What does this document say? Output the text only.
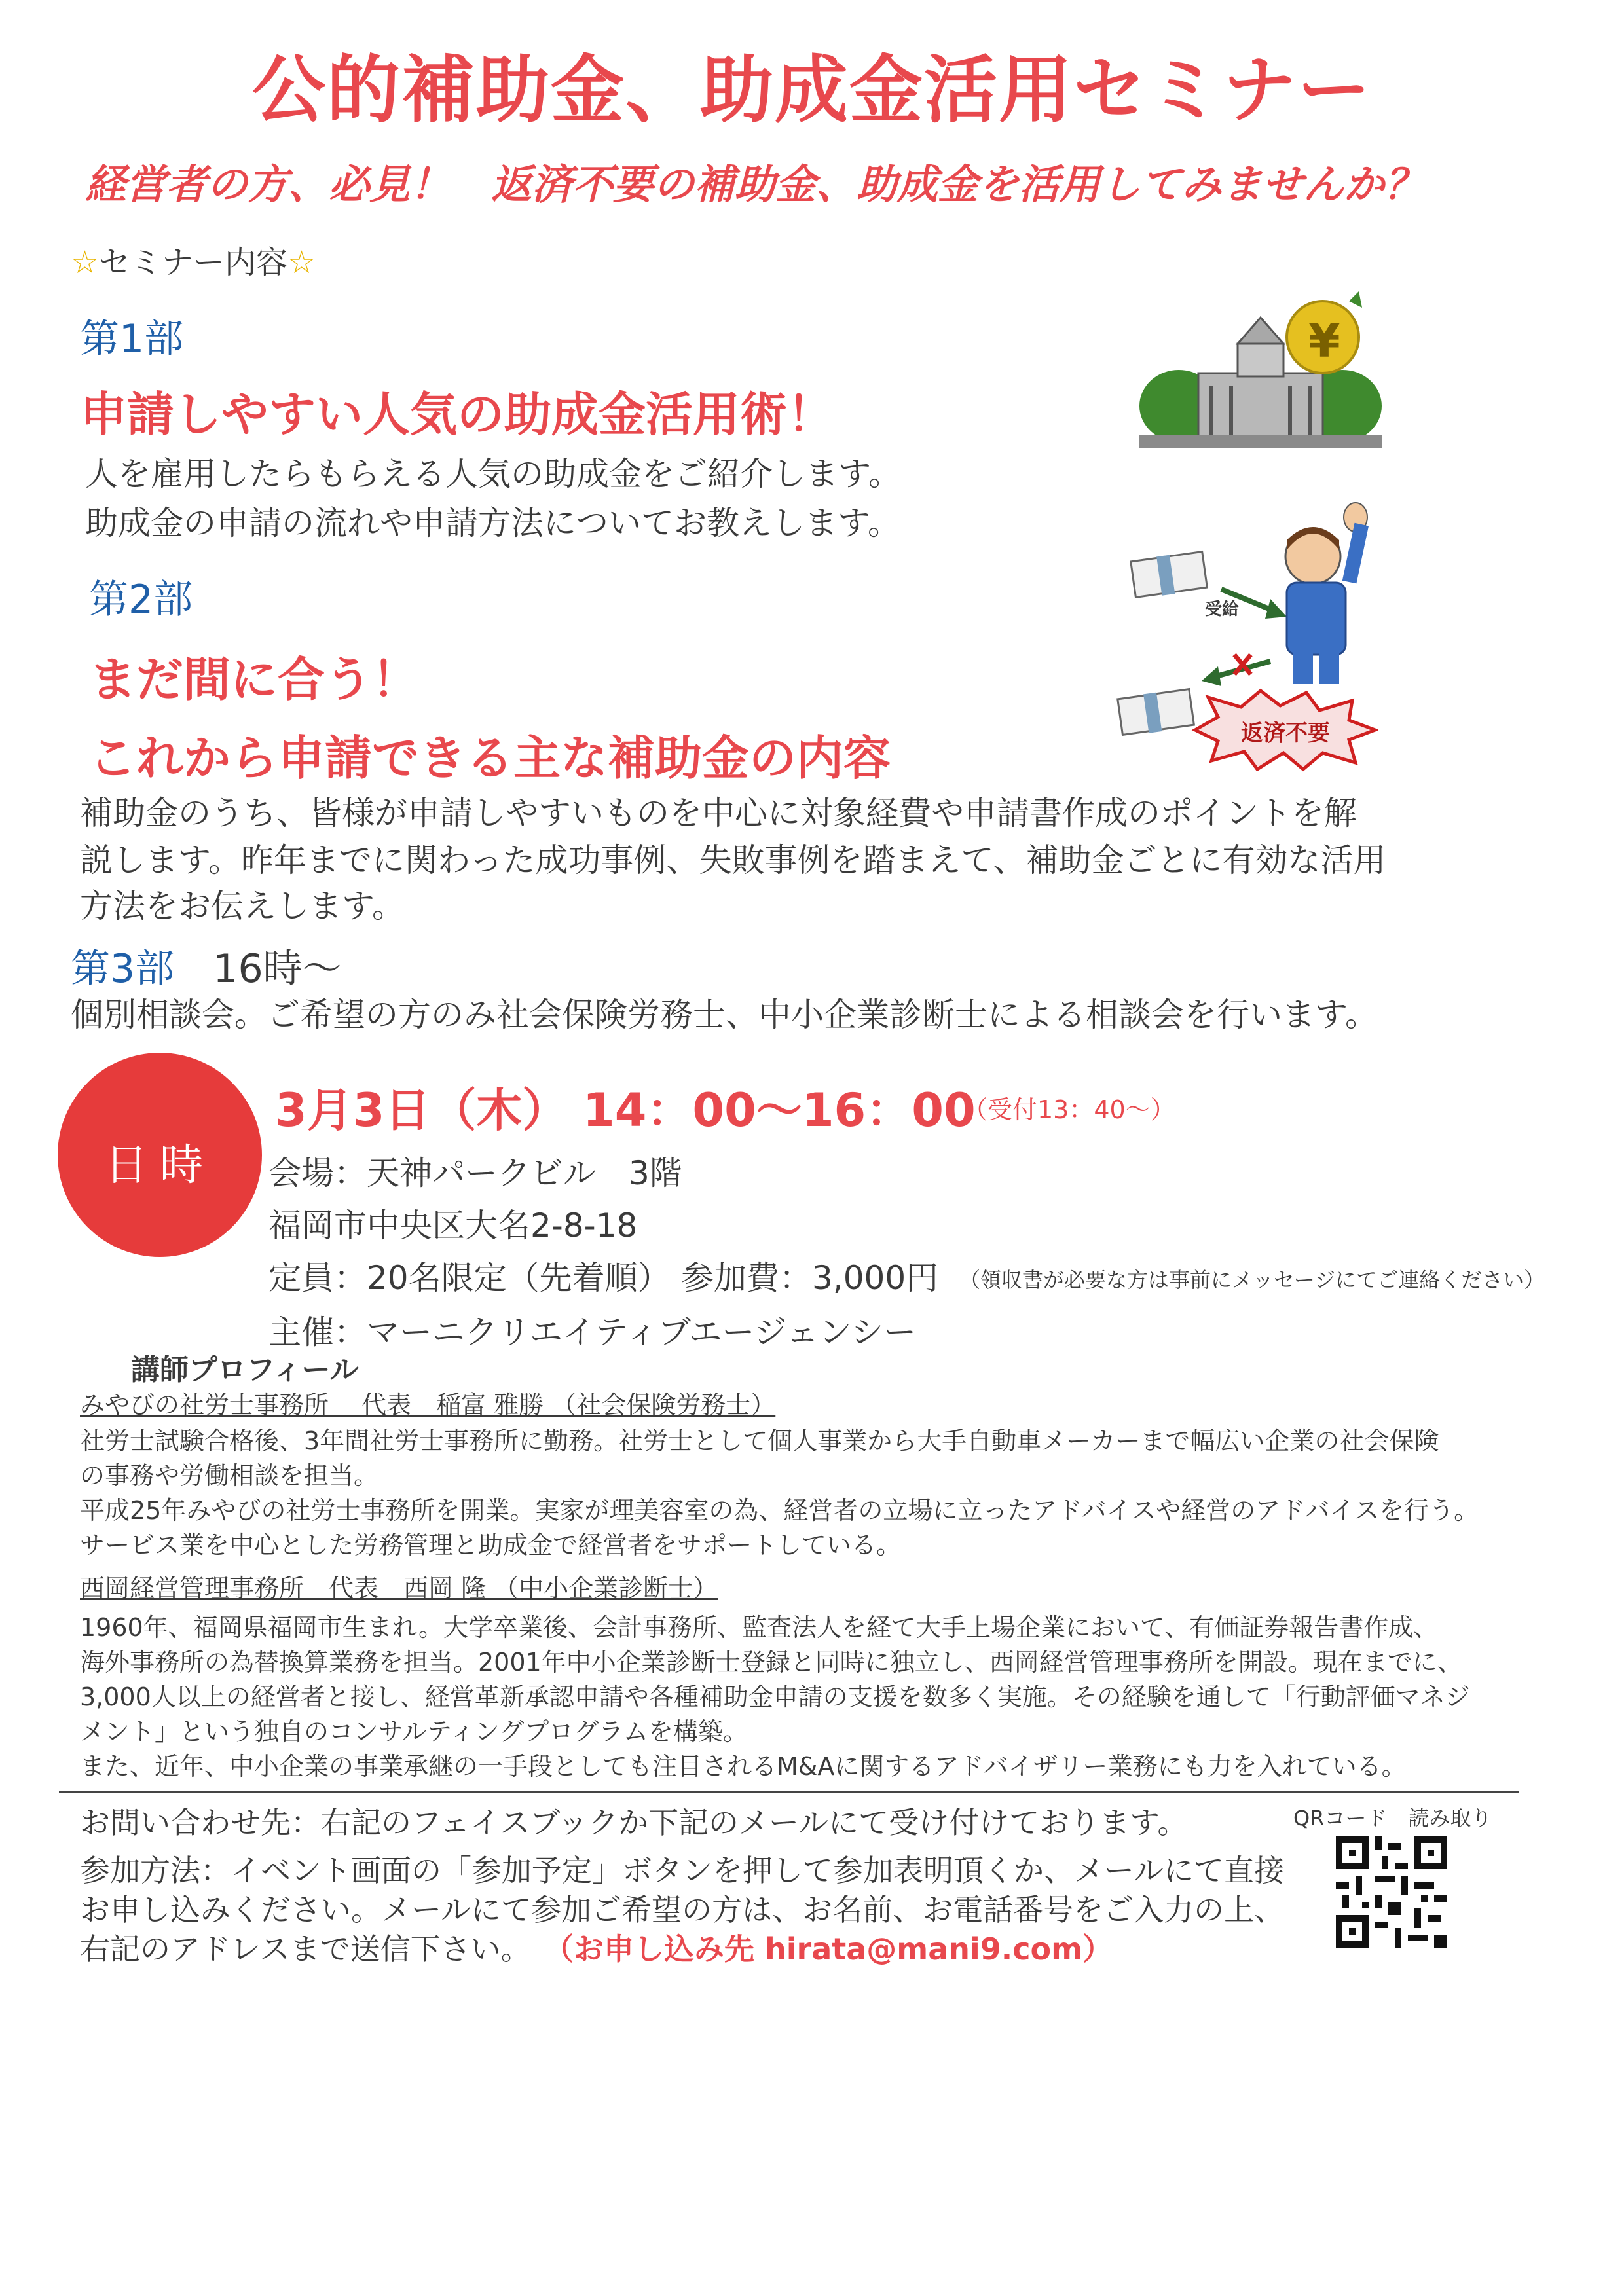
公的補助金、助成金活用セミナー
経営者の方、必見！　返済不要の補助金、助成金を活用してみませんか？
☆セミナー内容☆
第1部
申請しやすい人気の助成金活用術！
人を雇用したらもらえる人気の助成金をご紹介します。
助成金の申請の流れや申請方法についてお教えします。
第2部
まだ間に合う！
これから申請できる主な補助金の内容
補助金のうち、皆様が申請しやすいものを中心に対象経費や申請書作成のポイントを解
説します。昨年までに関わった成功事例、失敗事例を踏まえて、補助金ごとに有効な活用
方法をお伝えします。
第3部 16時～
個別相談会。ご希望の方のみ社会保険労務士、中小企業診断士による相談会を行います。
¥
受給
返済不要
日時
3月3日（木） 14：00～16：00
（受付13：40～）
会場：天神パークビル　3階
福岡市中央区大名2-8-18
定員：20名限定（先着順） 参加費：3,000円 （領収書が必要な方は事前にメッセージにてご連絡ください）
主催：マーニクリエイティブエージェンシー
講師プロフィール
みやびの社労士事務所　 代表　稲富 雅勝 （社会保険労務士）
社労士試験合格後、3年間社労士事務所に勤務。社労士として個人事業から大手自動車メーカーまで幅広い企業の社会保険
の事務や労働相談を担当。
平成25年みやびの社労士事務所を開業。実家が理美容室の為、経営者の立場に立ったアドバイスや経営のアドバイスを行う。
サービス業を中心とした労務管理と助成金で経営者をサポートしている。
西岡経営管理事務所　代表　西岡 隆 （中小企業診断士）
1960年、福岡県福岡市生まれ。大学卒業後、会計事務所、監査法人を経て大手上場企業において、有価証券報告書作成、
海外事務所の為替換算業務を担当。2001年中小企業診断士登録と同時に独立し、西岡経営管理事務所を開設。現在までに、
3,000人以上の経営者と接し、経営革新承認申請や各種補助金申請の支援を数多く実施。その経験を通して「行動評価マネジ
メント」という独自のコンサルティングプログラムを構築。
また、近年、中小企業の事業承継の一手段としても注目されるM&Aに関するアドバイザリー業務にも力を入れている。
お問い合わせ先：右記のフェイスブックか下記のメールにて受け付けております。
参加方法：イベント画面の「参加予定」ボタンを押して参加表明頂くか、メールにて直接
お申し込みください。メールにて参加ご希望の方は、お名前、お電話番号をご入力の上、
右記のアドレスまで送信下さい。 （お申し込み先 hirata@mani9.com）
QRコード　読み取り
